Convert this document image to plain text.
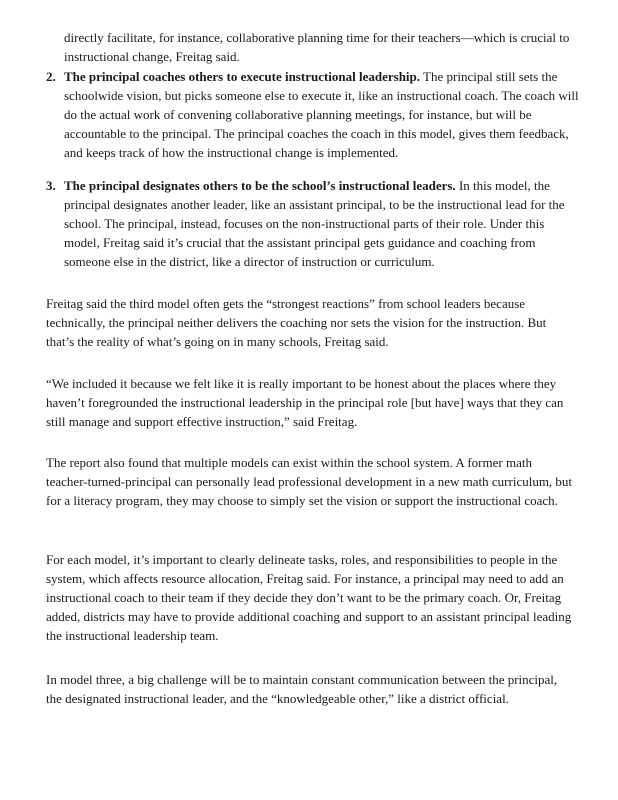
directly facilitate, for instance, collaborative planning time for their teachers—which is crucial to instructional change, Freitag said.
2. The principal coaches others to execute instructional leadership. The principal still sets the schoolwide vision, but picks someone else to execute it, like an instructional coach. The coach will do the actual work of convening collaborative planning meetings, for instance, but will be accountable to the principal. The principal coaches the coach in this model, gives them feedback, and keeps track of how the instructional change is implemented.
3. The principal designates others to be the school’s instructional leaders. In this model, the principal designates another leader, like an assistant principal, to be the instructional lead for the school. The principal, instead, focuses on the non-instructional parts of their role. Under this model, Freitag said it’s crucial that the assistant principal gets guidance and coaching from someone else in the district, like a director of instruction or curriculum.

Freitag said the third model often gets the “strongest reactions” from school leaders because technically, the principal neither delivers the coaching nor sets the vision for the instruction. But that’s the reality of what’s going on in many schools, Freitag said.

“We included it because we felt like it is really important to be honest about the places where they haven’t foregrounded the instructional leadership in the principal role [but have] ways that they can still manage and support effective instruction,” said Freitag.

The report also found that multiple models can exist within the school system. A former math teacher-turned-principal can personally lead professional development in a new math curriculum, but for a literacy program, they may choose to simply set the vision or support the instructional coach.

For each model, it’s important to clearly delineate tasks, roles, and responsibilities to people in the system, which affects resource allocation, Freitag said. For instance, a principal may need to add an instructional coach to their team if they decide they don’t want to be the primary coach. Or, Freitag added, districts may have to provide additional coaching and support to an assistant principal leading the instructional leadership team.

In model three, a big challenge will be to maintain constant communication between the principal, the designated instructional leader, and the “knowledgeable other,” like a district official.
